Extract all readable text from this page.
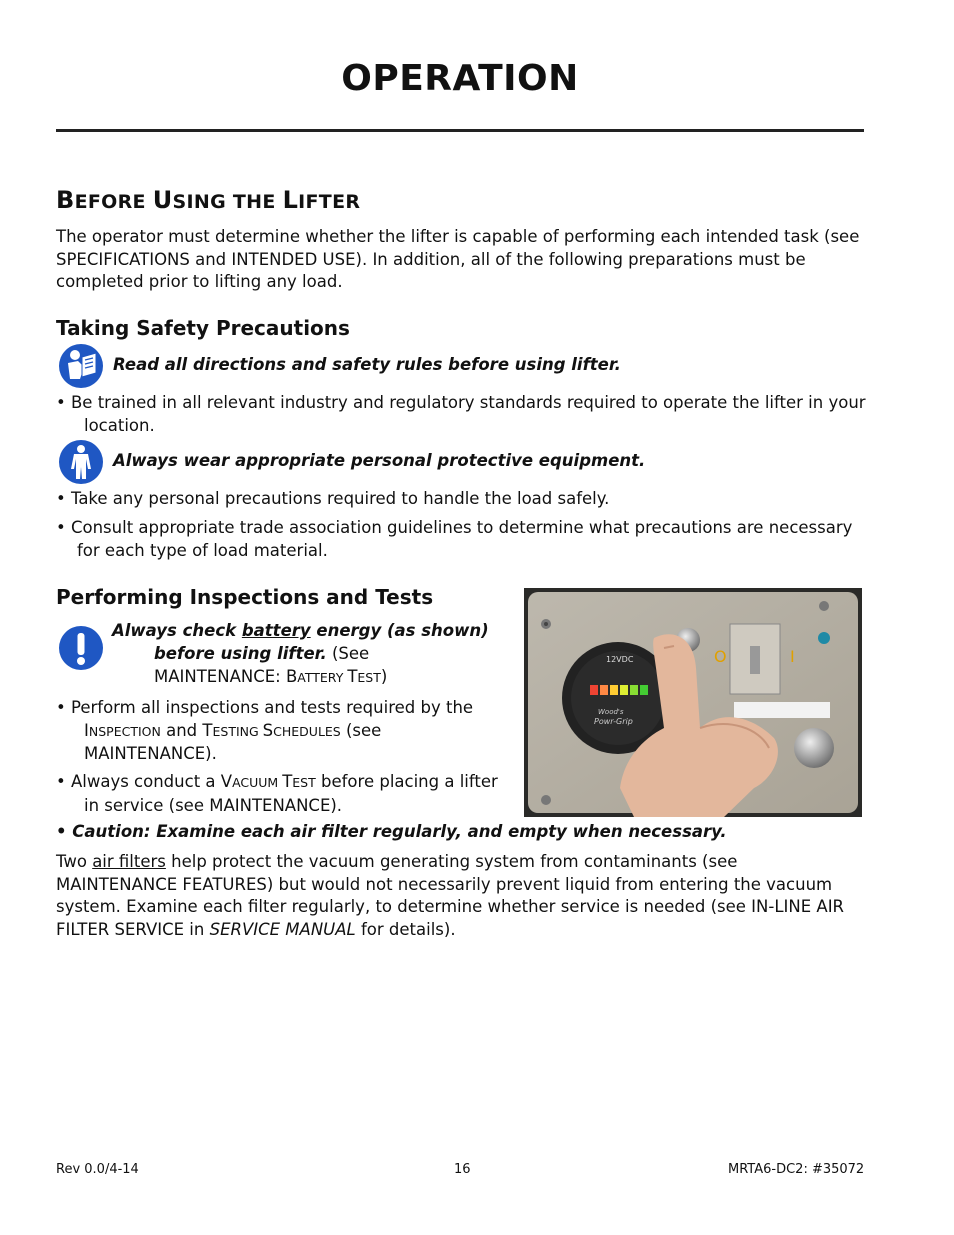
OPERATION
BEFORE USING THE LIFTER
The operator must determine whether the lifter is capable of performing each intended task (see
SPECIFICATIONS and INTENDED USE). In addition, all of the following preparations must be
completed prior to lifting any load.
Taking Safety Precautions
Read all directions and safety rules before using lifter.
• Be trained in all relevant industry and regulatory standards required to operate the lifter in your
location.
Always wear appropriate personal protective equipment.
• Take any personal precautions required to handle the load safely.
• Consult appropriate trade association guidelines to determine what precautions are necessary
for each type of load material.
Performing Inspections and Tests
Always check battery energy (as shown)
before using lifter. (See
MAINTENANCE: BATTERY TEST)
• Perform all inspections and tests required by the
INSPECTION and TESTING SCHEDULES (see
MAINTENANCE).
• Always conduct a VACUUM TEST before placing a lifter
in service (see MAINTENANCE).
• Caution: Examine each air filter regularly, and empty when necessary.
Two air filters help protect the vacuum generating system from contaminants (see
MAINTENANCE FEATURES) but would not necessarily prevent liquid from entering the vacuum
system. Examine each filter regularly, to determine whether service is needed (see IN-LINE AIR
FILTER SERVICE in SERVICE MANUAL for details).
12VDC
Wood's
Powr-Grip
O	I
Rev 0.0/4-14	16	MRTA6-DC2: #35072
